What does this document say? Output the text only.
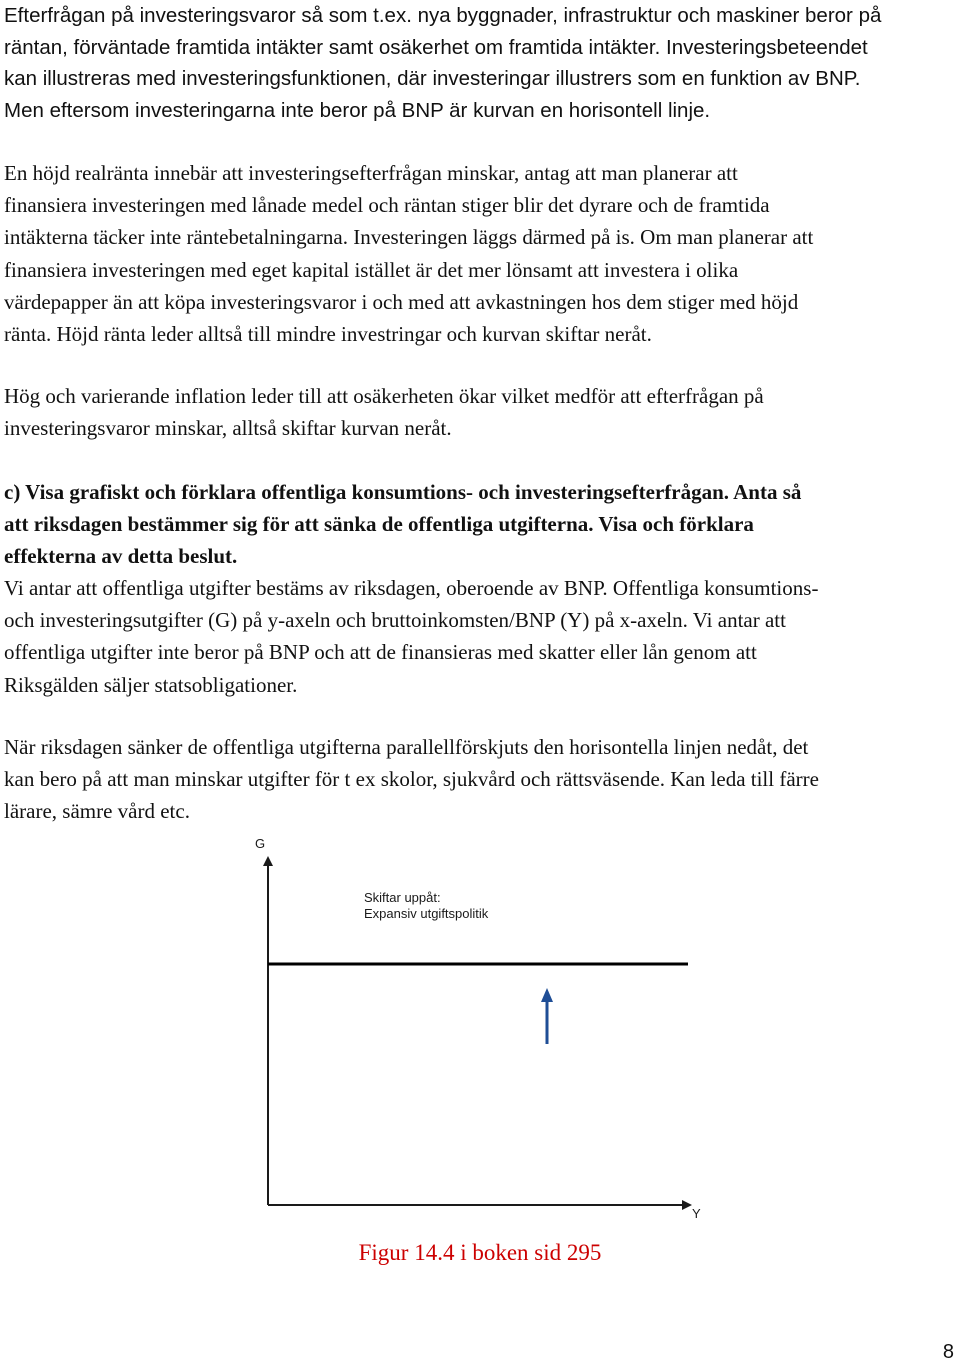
Efterfrågan på investeringsvaror så som t.ex. nya byggnader, infrastruktur och maskiner beror på
räntan, förväntade framtida intäkter samt osäkerhet om framtida intäkter. Investeringsbeteendet
kan illustreras med investeringsfunktionen, där investeringar illustrers som en funktion av BNP.
Men eftersom investeringarna inte beror på BNP är kurvan en horisontell linje.
En höjd realränta innebär att investeringsefterfrågan minskar, antag att man planerar att
finansiera investeringen med lånade medel och räntan stiger blir det dyrare och de framtida
intäkterna täcker inte räntebetalningarna. Investeringen läggs därmed på is. Om man planerar att
finansiera investeringen med eget kapital istället är det mer lönsamt att investera i olika
värdepapper än att köpa investeringsvaror i och med att avkastningen hos dem stiger med höjd
ränta. Höjd ränta leder alltså till mindre investringar och kurvan skiftar neråt.
Hög och varierande inflation leder till att osäkerheten ökar vilket medför att efterfrågan på
investeringsvaror minskar, alltså skiftar kurvan neråt.
c) Visa grafiskt och förklara offentliga konsumtions- och investeringsefterfrågan. Anta så
att riksdagen bestämmer sig för att sänka de offentliga utgifterna. Visa och förklara
effekterna av detta beslut.
Vi antar att offentliga utgifter bestäms av riksdagen, oberoende av BNP. Offentliga konsumtions-
och investeringsutgifter (G) på y-axeln och bruttoinkomsten/BNP (Y) på x-axeln. Vi antar att
offentliga utgifter inte beror på BNP och att de finansieras med skatter eller lån genom att
Riksgälden säljer statsobligationer.
När riksdagen sänker de offentliga utgifterna parallellförskjuts den horisontella linjen nedåt, det
kan bero på att man minskar utgifter för t ex skolor, sjukvård och rättsväsende. Kan leda till färre
lärare, sämre vård etc.
G
Y
Skiftar uppåt:
Expansiv utgiftspolitik
Figur 14.4 i boken sid 295
8
